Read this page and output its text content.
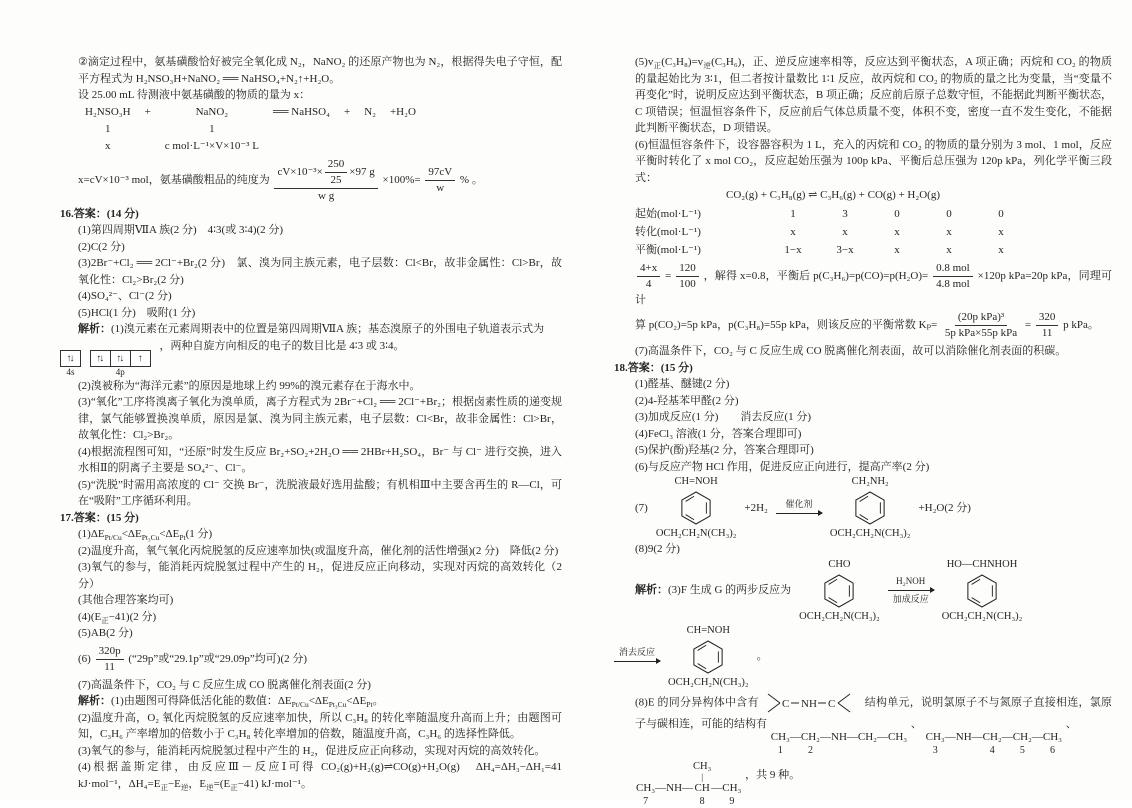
②滴定过程中，氨基磺酸恰好被完全氧化成 N₂，NaNO₂ 的还原产物也为 N₂，根据得失电子守恒，配平方程式为 H₂NSO₃H+NaNO₂ ══ NaHSO₄+N₂↑+H₂O。

设 25.00 mL 待测液中氨基磺酸的物质的量为 x：

H₂NSO₃H	+	NaNO₂	══ NaHSO₄	+	N₂	+H₂O
1		1				
x		c mol·L⁻¹×V×10⁻³ L				
x=cV×10⁻³ mol，氨基磺酸粗品的纯度为
$cV\times 10^{-3}\times \frac{250}{25} \times 97$ g
w g
$\times 100\%= \frac{97cV}{w}$ % 。

16.答案：(14 分)

(1)第四周期ⅦA 族(2 分)　4∶3(或 3∶4)(2 分)

(2)C(2 分)

(3)2Br⁻+Cl₂ ══ 2Cl⁻+Br₂(2 分)　氯、溴为同主族元素，电子层数：Cl<Br，故非金属性：Cl>Br，故氧化性：Cl₂>Br₂(2 分)

(4)SO₄²⁻、Cl⁻(2 分)

(5)HCl(1 分)　吸附(1 分)

解析：(1)溴元素在元素周期表中的位置是第四周期ⅦA 族；基态溴原子的外围电子轨道表示式为

↑↓
4s

↑↓	↑↓	↑
4p
，两种自旋方向相反的电子的数目比是 4∶3 或 3∶4。

(2)溴被称为“海洋元素”的原因是地球上约 99%的溴元素存在于海水中。

(3)“氧化”工序将溴离子氧化为溴单质，离子方程式为 2Br⁻+Cl₂ ══ 2Cl⁻+Br₂；根据卤素性质的递变规律，氯气能够置换溴单质，原因是氯、溴为同主族元素，电子层数：Cl<Br，故非金属性：Cl>Br，故氧化性：Cl₂>Br₂。

(4)根据流程图可知，“还原”时发生反应 Br₂+SO₂+2H₂O ══ 2HBr+H₂SO₄，Br⁻ 与 Cl⁻ 进行交换，进入水相Ⅱ的阴离子主要是 SO₄²⁻、Cl⁻。

(5)“洗脱”时需用高浓度的 Cl⁻ 交换 Br⁻，洗脱液最好选用盐酸；有机相Ⅲ中主要含再生的 R—Cl，可在“吸附”工序循环利用。

17.答案：(15 分)

$(1)\Delta E_{Pt/Cu}<\Delta E_{Pt_3Cu}<\Delta E_{Pt}(1$ 分)

(2)温度升高，氧气氧化丙烷脱氢的反应速率加快(或温度升高，催化剂的活性增强)(2 分)　降低(2 分)

(3)氧气的参与，能消耗丙烷脱氢过程中产生的 H₂，促进反应正向移动，实现对丙烷的高效转化（2 分）

(其他合理答案均可)

$(4)(E_正-41)(2$ 分)

(5)AB(2 分)

$(6) \frac{320p}{11}$ (“29p”或“29.1p”或“29.09p”均可)(2 分)

(7)高温条件下，CO₂ 与 C 反应生成 CO 脱离催化剂表面(2 分)

解析：(1)由题图可得降低活化能的数值：$\Delta E_{Pt/Cu}<\Delta E_{Pt_3Cu}<\Delta E_{Pt}$。

(2)温度升高，O₂ 氧化丙烷脱氢的反应速率加快，所以 C₃H₈ 的转化率随温度升高而上升；由题图可知，C₃H₆ 产率增加的倍数小于 C₃H₈ 转化率增加的倍数，随温度升高，C₃H₆ 的选择性降低。

(3)氧气的参与，能消耗丙烷脱氢过程中产生的 H₂，促进反应正向移动，实现对丙烷的高效转化。

(4)根据盖斯定律，由反应Ⅲ－反应Ⅰ可得 CO₂(g)+H₂(g)⇌CO(g)+H₂O(g)　ΔH₄=ΔH₃−ΔH₁=41 kJ·mol⁻¹，$\Delta H_4=E_正-E_逆$，$E_逆=(E_正-41)$ kJ·mol⁻¹。

$(5)v_正(C_3H_8)=v_逆(C_3H_6)$，正、逆反应速率相等，反应达到平衡状态，A 项正确；丙烷和 CO₂ 的物质的量起始比为 3∶1，但二者按计量数比 1∶1 反应，故丙烷和 CO₂ 的物质的量之比为变量，当“变量不再变化”时，说明反应达到平衡状态，B 项正确；反应前后原子总数守恒，不能据此判断平衡状态，C 项错误；恒温恒容条件下，反应前后气体总质量不变，体积不变，密度一直不发生变化，不能据此判断平衡状态，D 项错误。

(6)恒温恒容条件下，设容器容积为 1 L，充入的丙烷和 CO₂ 的物质的量分别为 3 mol、1 mol，反应平衡时转化了 x mol CO₂，反应起始压强为 100p kPa、平衡后总压强为 120p kPa，列化学平衡三段式：

CO₂(g) + C₃H₈(g) ⇌ C₃H₆(g) + CO(g) + H₂O(g)

起始(mol·L⁻¹)	1	3	0	0	0
转化(mol·L⁻¹)	x	x	x	x	x
平衡(mol·L⁻¹)	1−x	3−x	x	x	x
$\frac{4+x}{4} = \frac{120}{100}$ ，解得 x=0.8，平衡后 $p(C_3H_6)=p(CO)=p(H_2O)= \frac{\text{0.8 mol}}{\text{4.8 mol}} \times 120p$ kPa=20p kPa，同理可计
算 p(CO₂)=5p kPa，p(C₃H₈)=55p kPa，则该反应的平衡常数 $K_p= \frac{\text{(20p kPa)³}}{\text{5p kPa×55p kPa}} = \frac{320}{11}$ p kPa。

(7)高温条件下，CO₂ 与 C 反应生成 CO 脱离催化剂表面，故可以消除催化剂表面的积碳。

18.答案：(15 分)

(1)醛基、醚键(2 分)

(2)4-羟基苯甲醛(2 分)

(3)加成反应(1 分)　　消去反应(1 分)

(4)FeCl₃ 溶液(1 分，答案合理即可)

(5)保护(酚)羟基(2 分，答案合理即可)

(6)与反应产物 HCl 作用，促进反应正向进行，提高产率(2 分)

(7)
CH=NOH
OCH₂CH₂N(CH₃)₂
+2H₂ 催化剂
CH₂NH₂
OCH₂CH₂N(CH₃)₂
+H₂O(2 分)

(8)9(2 分)

解析：(3)F 生成 G 的两步反应为
CHO
OCH₂CH₂N(CH₃)₂
H₂NOH
加成反应
HO—CHNHOH
OCH₂CH₂N(CH₃)₂
消去反应
CH=NOH
OCH₂CH₂N(CH₃)₂
。
(8)E 的同分异构体中含有 C NH C	结构单元，说明氯原子不与氮原子直接相连，氯原子与碳相连，可能的结构有
CH₃
1
—
CH₂
2
—NH—CH₂—CH₃

、
CH₃
3
—NH—
CH₂
4
—
CH₂
5
—
CH₃
6
、
CH₃
7
—NH—

CH₃
|
CH
8
—
CH₃
9
，共 9 种。
